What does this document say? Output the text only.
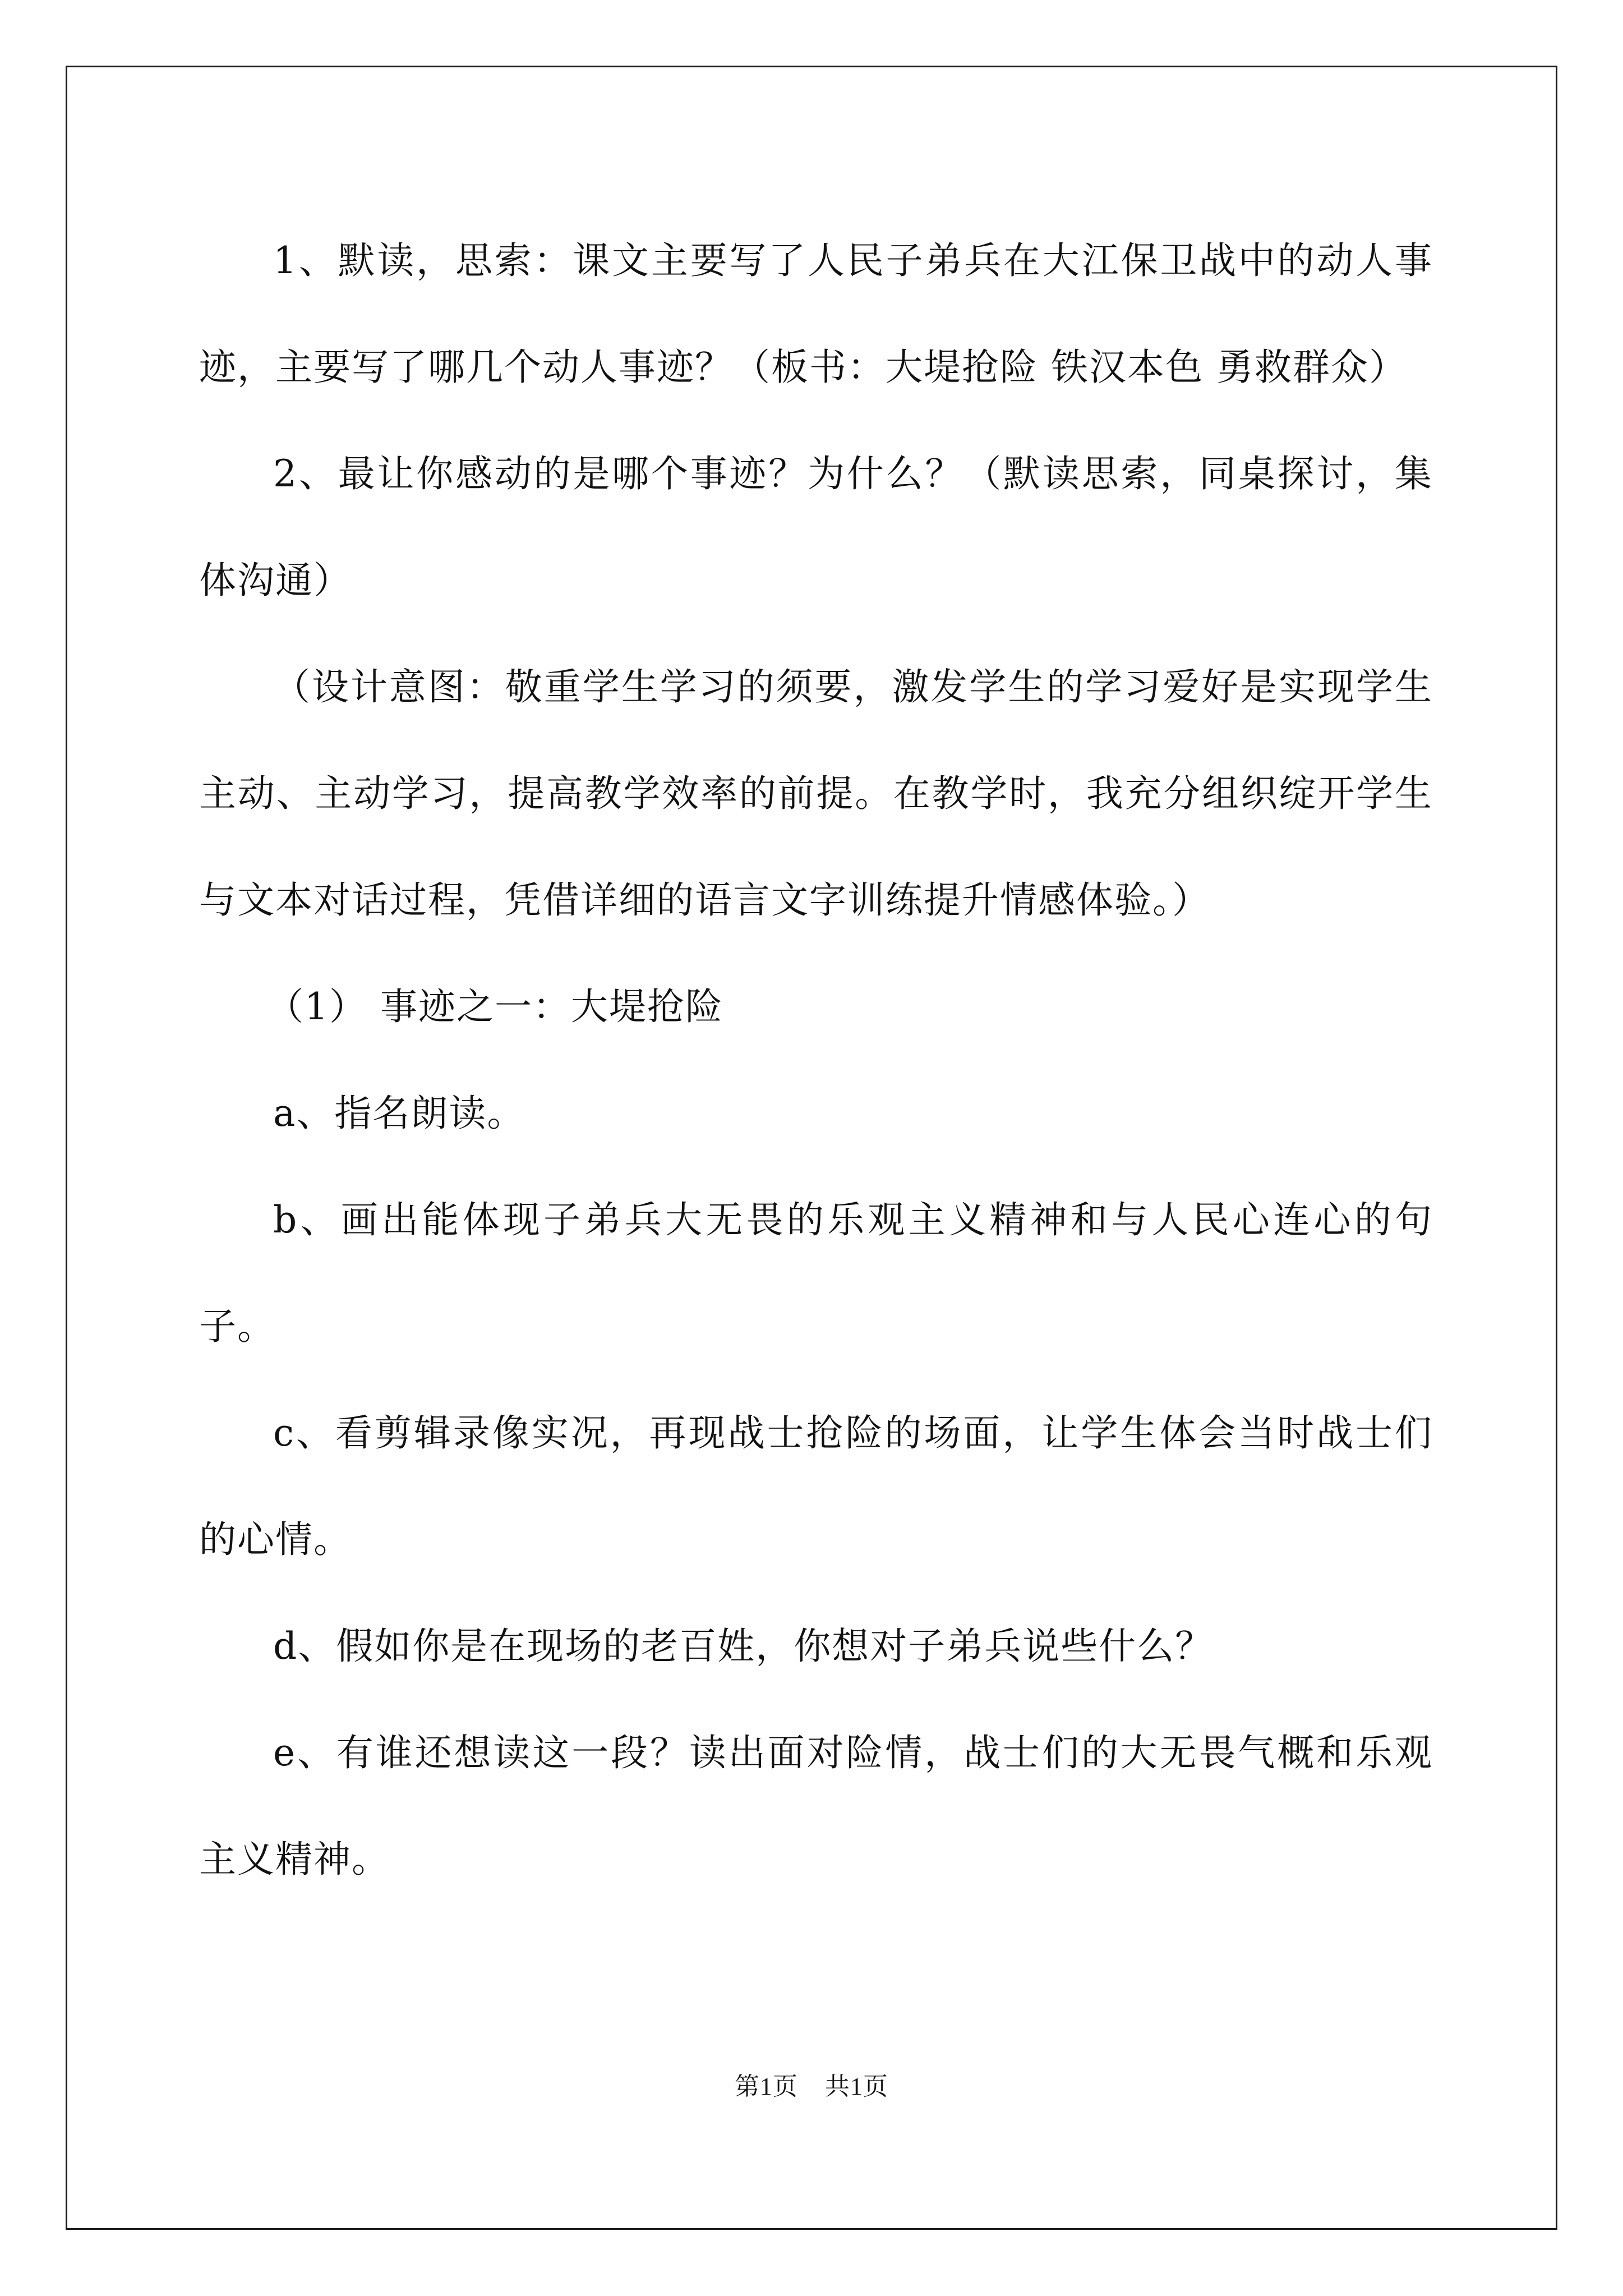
1、默读，思索：课文主要写了人民子弟兵在大江保卫战中的动人事迹，主要写了哪几个动人事迹？（板书：大堤抢险 铁汉本色 勇救群众）

2、最让你感动的是哪个事迹？为什么？（默读思索，同桌探讨，集体沟通）

（设计意图：敬重学生学习的须要，激发学生的学习爱好是实现学生主动、主动学习，提高教学效率的前提。在教学时，我充分组织绽开学生与文本对话过程，凭借详细的语言文字训练提升情感体验。）

（1） 事迹之一：大堤抢险

a、指名朗读。

b、画出能体现子弟兵大无畏的乐观主义精神和与人民心连心的句子。

c、看剪辑录像实况，再现战士抢险的场面，让学生体会当时战士们的心情。

d、假如你是在现场的老百姓，你想对子弟兵说些什么？

e、有谁还想读这一段？读出面对险情，战士们的大无畏气概和乐观主义精神。

第1页 共1页
